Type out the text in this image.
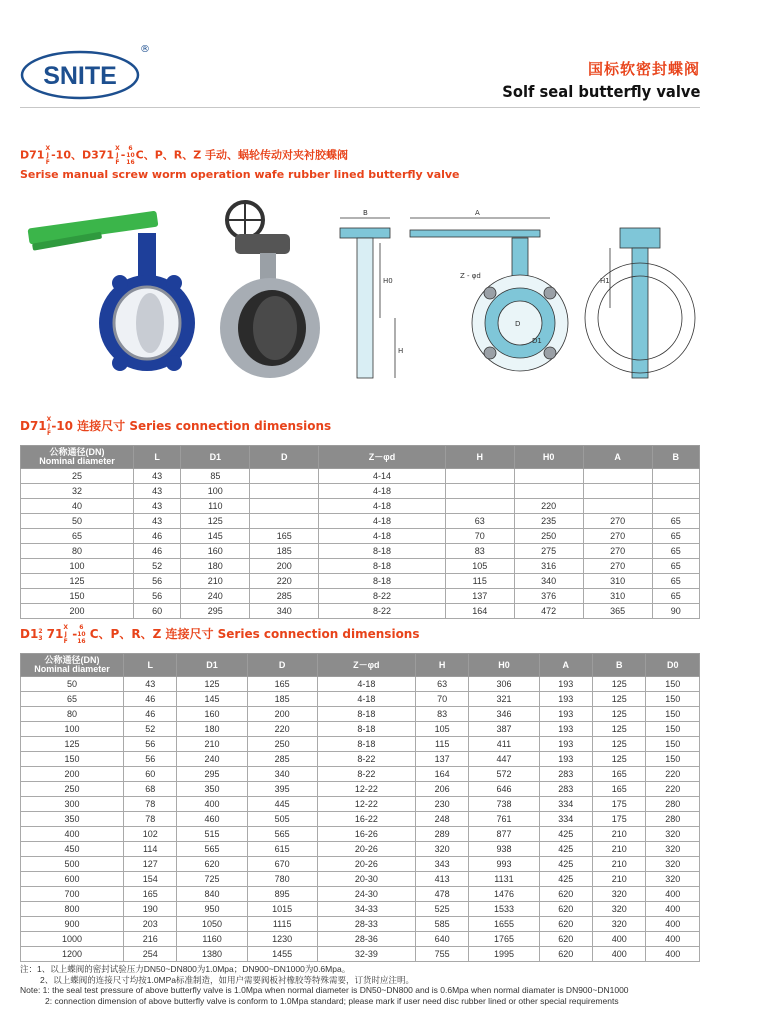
SNITE
®
国标软密封蝶阀
Solf seal butterfly valve
D71X
J
F-10、D371X
J
F- 6
10
16C、P、R、Z 手动、蜗轮传动对夹衬胶蝶阀
Serise manual screw worm operation wafe rubber lined butterfly valve
B
H0
H
A
Z - φd
D
D1
H1
D71X
J
F-10 连接尺寸 Series connection dimensions
公称通径(DN)
Nominal diameter	L	D1	D	Z－φd	H	H0	A	B
25	43	85		4-14				
32	43	100		4-18				
40	43	110		4-18		220		
50	43	125		4-18	63	235	270	65
65	46	145	165	4-18	70	250	270	65
80	46	160	185	8-18	83	275	270	65
100	52	180	200	8-18	105	316	270	65
125	56	210	220	8-18	115	340	310	65
150	56	240	285	8-22	137	376	310	65
200	60	295	340	8-22	164	472	365	90
D12
3 71X
J
F - 6
10
16 C、P、R、Z 连接尺寸 Series connection dimensions
公称通径(DN)
Nominal diameter	L	D1	D	Z－φd	H	H0	A	B	D0
50	43	125	165	4-18	63	306	193	125	150
65	46	145	185	4-18	70	321	193	125	150
80	46	160	200	8-18	83	346	193	125	150
100	52	180	220	8-18	105	387	193	125	150
125	56	210	250	8-18	115	411	193	125	150
150	56	240	285	8-22	137	447	193	125	150
200	60	295	340	8-22	164	572	283	165	220
250	68	350	395	12-22	206	646	283	165	220
300	78	400	445	12-22	230	738	334	175	280
350	78	460	505	16-22	248	761	334	175	280
400	102	515	565	16-26	289	877	425	210	320
450	114	565	615	20-26	320	938	425	210	320
500	127	620	670	20-26	343	993	425	210	320
600	154	725	780	20-30	413	1131	425	210	320
700	165	840	895	24-30	478	1476	620	320	400
800	190	950	1015	34-33	525	1533	620	320	400
900	203	1050	1115	28-33	585	1655	620	320	400
1000	216	1160	1230	28-36	640	1765	620	400	400
1200	254	1380	1455	32-39	755	1995	620	400	400
注：1、以上蝶阀的密封试验压力DN50~DN800为1.0Mpa；DN900~DN1000为0.6Mpa。
2、以上蝶阀的连接尺寸均按1.0MPa标准制造，如用户需要阀板衬橡胶等特殊需要，订货时应注明。
Note: 1: the seal test pressure of above butterfly valve is 1.0Mpa when normal diameter is DN50~DN800 and is 0.6Mpa when normal diamater is DN900~DN1000
2: connection dimension of above butterfly valve is conform to 1.0Mpa standard; please mark if user need disc rubber lined or other special requirements
